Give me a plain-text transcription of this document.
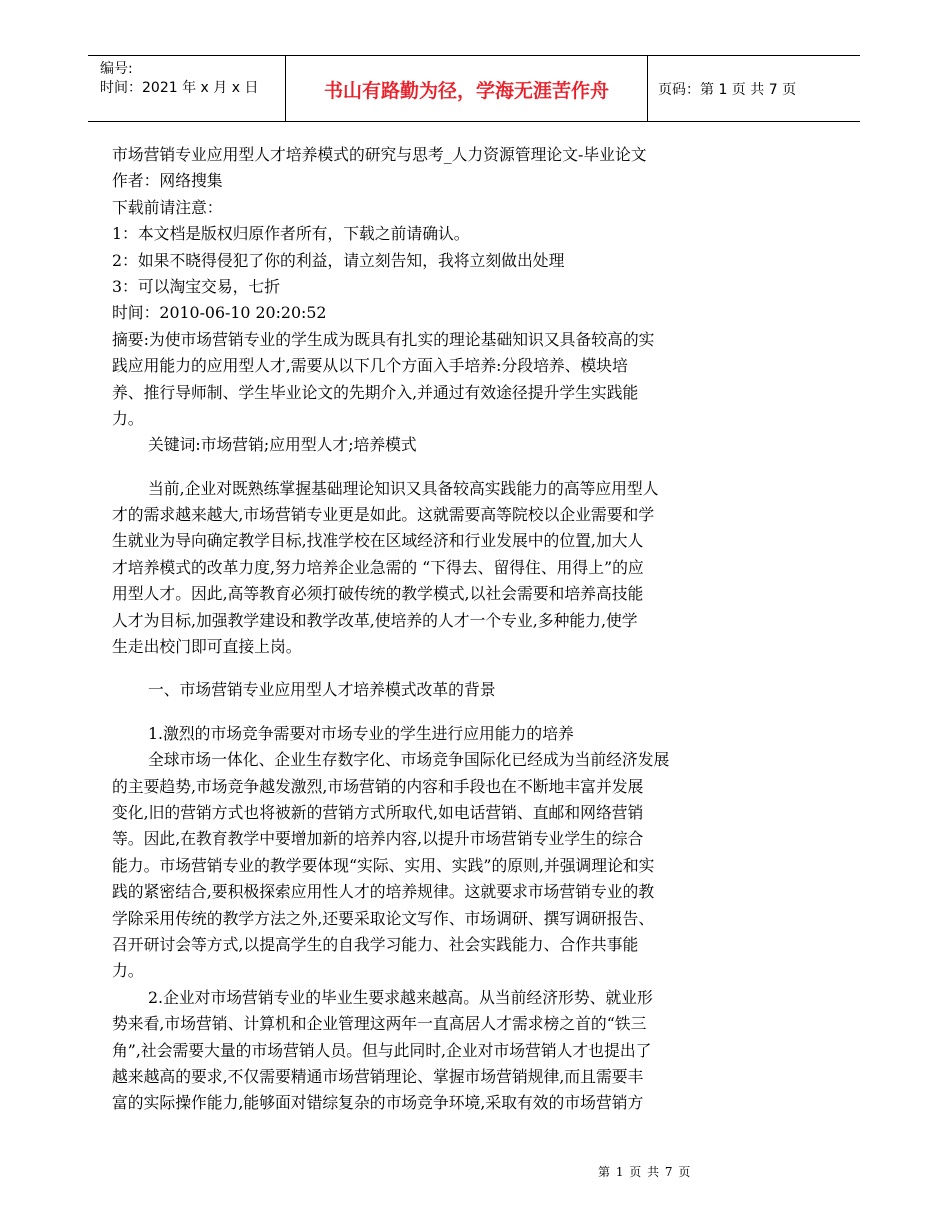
编号:
时间：2021 年 x 月 x 日	书山有路勤为径，学海无涯苦作舟	页码：第 1 页 共 7 页
市场营销专业应用型人才培养模式的研究与思考_人力资源管理论文-毕业论文
作者：网络搜集
下载前请注意：
1：本文档是版权归原作者所有，下载之前请确认。
2：如果不晓得侵犯了你的利益，请立刻告知，我将立刻做出处理
3：可以淘宝交易，七折
时间：2010-06-10 20:20:52
摘要:为使市场营销专业的学生成为既具有扎实的理论基础知识又具备较高的实
践应用能力的应用型人才,需要从以下几个方面入手培养:分段培养、模块培
养、推行导师制、学生毕业论文的先期介入,并通过有效途径提升学生实践能
力。
关键词:市场营销;应用型人才;培养模式
当前,企业对既熟练掌握基础理论知识又具备较高实践能力的高等应用型人
才的需求越来越大,市场营销专业更是如此。这就需要高等院校以企业需要和学
生就业为导向确定教学目标,找准学校在区域经济和行业发展中的位置,加大人
才培养模式的改革力度,努力培养企业急需的 “下得去、留得住、用得上”的应
用型人才。因此,高等教育必须打破传统的教学模式,以社会需要和培养高技能
人才为目标,加强教学建设和教学改革,使培养的人才一个专业,多种能力,使学
生走出校门即可直接上岗。
一、市场营销专业应用型人才培养模式改革的背景
1.激烈的市场竞争需要对市场专业的学生进行应用能力的培养
全球市场一体化、企业生存数字化、市场竞争国际化已经成为当前经济发展
的主要趋势,市场竞争越发激烈,市场营销的内容和手段也在不断地丰富并发展
变化,旧的营销方式也将被新的营销方式所取代,如电话营销、直邮和网络营销
等。因此,在教育教学中要增加新的培养内容,以提升市场营销专业学生的综合
能力。市场营销专业的教学要体现“实际、实用、实践”的原则,并强调理论和实
践的紧密结合,要积极探索应用性人才的培养规律。这就要求市场营销专业的教
学除采用传统的教学方法之外,还要采取论文写作、市场调研、撰写调研报告、
召开研讨会等方式,以提高学生的自我学习能力、社会实践能力、合作共事能
力。
2.企业对市场营销专业的毕业生要求越来越高。从当前经济形势、就业形
势来看,市场营销、计算机和企业管理这两年一直高居人才需求榜之首的“铁三
角”,社会需要大量的市场营销人员。但与此同时,企业对市场营销人才也提出了
越来越高的要求,不仅需要精通市场营销理论、掌握市场营销规律,而且需要丰
富的实际操作能力,能够面对错综复杂的市场竞争环境,采取有效的市场营销方
第 1 页 共 7 页
